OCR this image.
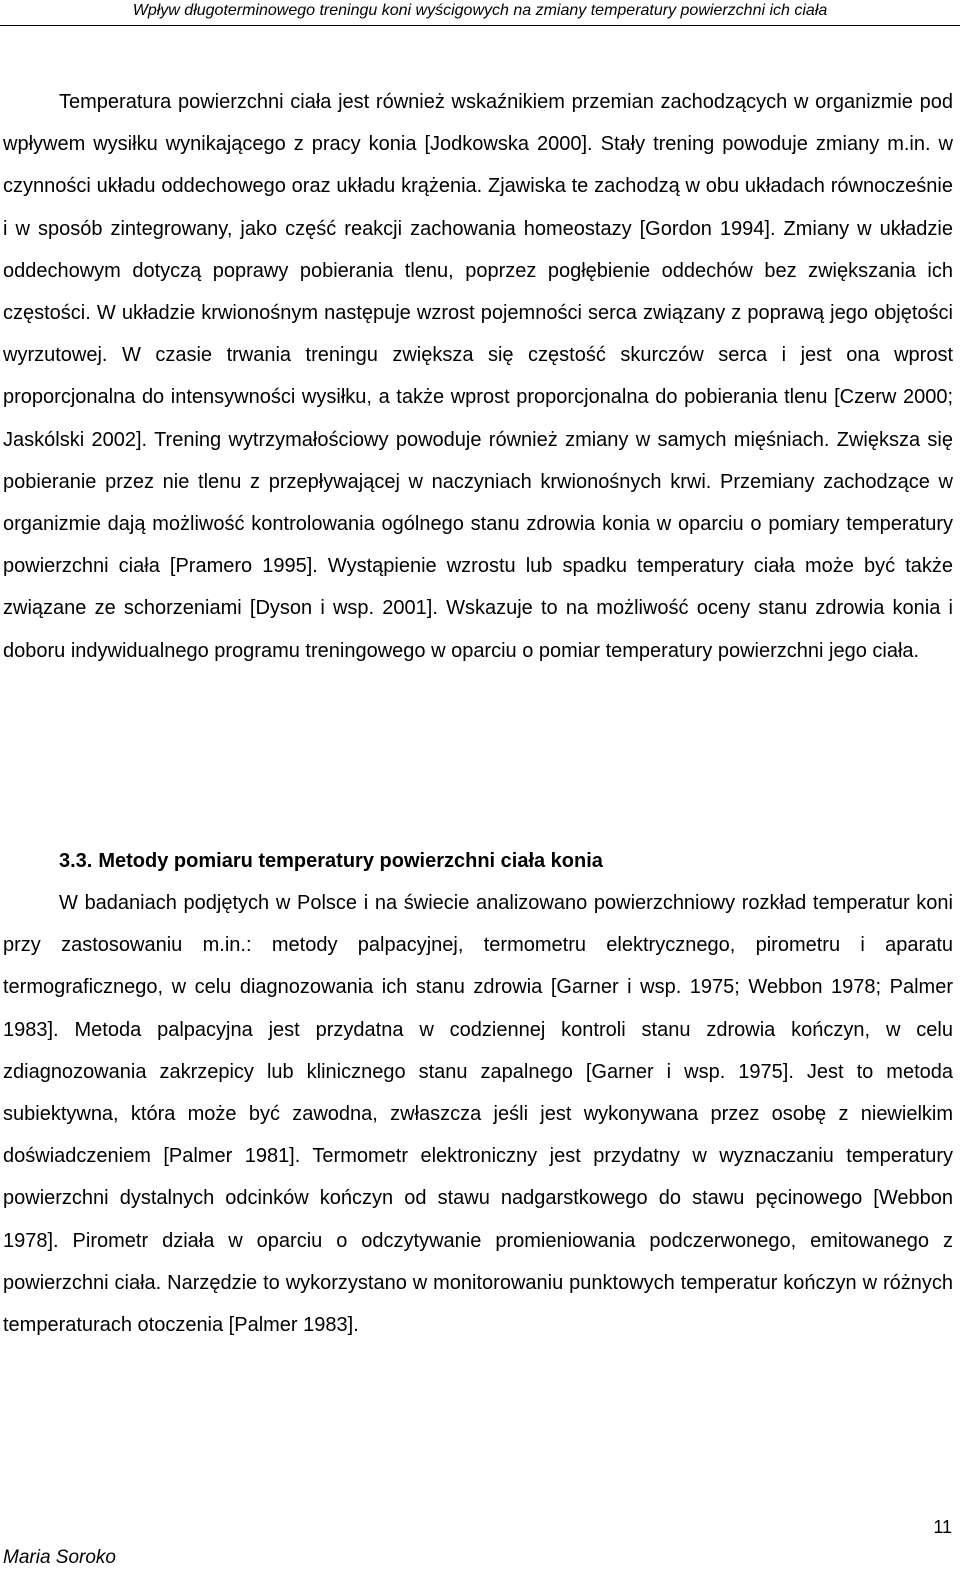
Wpływ długoterminowego treningu koni wyścigowych na zmiany temperatury powierzchni ich ciała

Temperatura powierzchni ciała jest również wskaźnikiem przemian zachodzących w organizmie pod wpływem wysiłku wynikającego z pracy konia [Jodkowska 2000]. Stały trening powoduje zmiany m.in. w czynności układu oddechowego oraz układu krążenia. Zjawiska te zachodzą w obu układach równocześnie i w sposób zintegrowany, jako część reakcji zachowania homeostazy [Gordon 1994]. Zmiany w układzie oddechowym dotyczą poprawy pobierania tlenu, poprzez pogłębienie oddechów bez zwiększania ich częstości. W układzie krwionośnym następuje wzrost pojemności serca związany z poprawą jego objętości wyrzutowej. W czasie trwania treningu zwiększa się częstość skurczów serca i jest ona wprost proporcjonalna do intensywności wysiłku, a także wprost proporcjonalna do pobierania tlenu [Czerw 2000; Jaskólski 2002]. Trening wytrzymałościowy powoduje również zmiany w samych mięśniach. Zwiększa się pobieranie przez nie tlenu z przepływającej w naczyniach krwionośnych krwi. Przemiany zachodzące w organizmie dają możliwość kontrolowania ogólnego stanu zdrowia konia w oparciu o pomiary temperatury powierzchni ciała [Pramero 1995]. Wystąpienie wzrostu lub spadku temperatury ciała może być także związane ze schorzeniami [Dyson i wsp. 2001]. Wskazuje to na możliwość oceny stanu zdrowia konia i doboru indywidualnego programu treningowego w oparciu o pomiar temperatury powierzchni jego ciała.

3.3. Metody pomiaru temperatury powierzchni ciała konia

W badaniach podjętych w Polsce i na świecie analizowano powierzchniowy rozkład temperatur koni przy zastosowaniu m.in.: metody palpacyjnej, termometru elektrycznego, pirometru i aparatu termograficznego, w celu diagnozowania ich stanu zdrowia [Garner i wsp. 1975; Webbon 1978; Palmer 1983]. Metoda palpacyjna jest przydatna w codziennej kontroli stanu zdrowia kończyn, w celu zdiagnozowania zakrzepicy lub klinicznego stanu zapalnego [Garner i wsp. 1975]. Jest to metoda subiektywna, która może być zawodna, zwłaszcza jeśli jest wykonywana przez osobę z niewielkim doświadczeniem [Palmer 1981]. Termometr elektroniczny jest przydatny w wyznaczaniu temperatury powierzchni dystalnych odcinków kończyn od stawu nadgarstkowego do stawu pęcinowego [Webbon 1978]. Pirometr działa w oparciu o odczytywanie promieniowania podczerwonego, emitowanego z powierzchni ciała. Narzędzie to wykorzystano w monitorowaniu punktowych temperatur kończyn w różnych temperaturach otoczenia [Palmer 1983].

11
Maria Soroko
